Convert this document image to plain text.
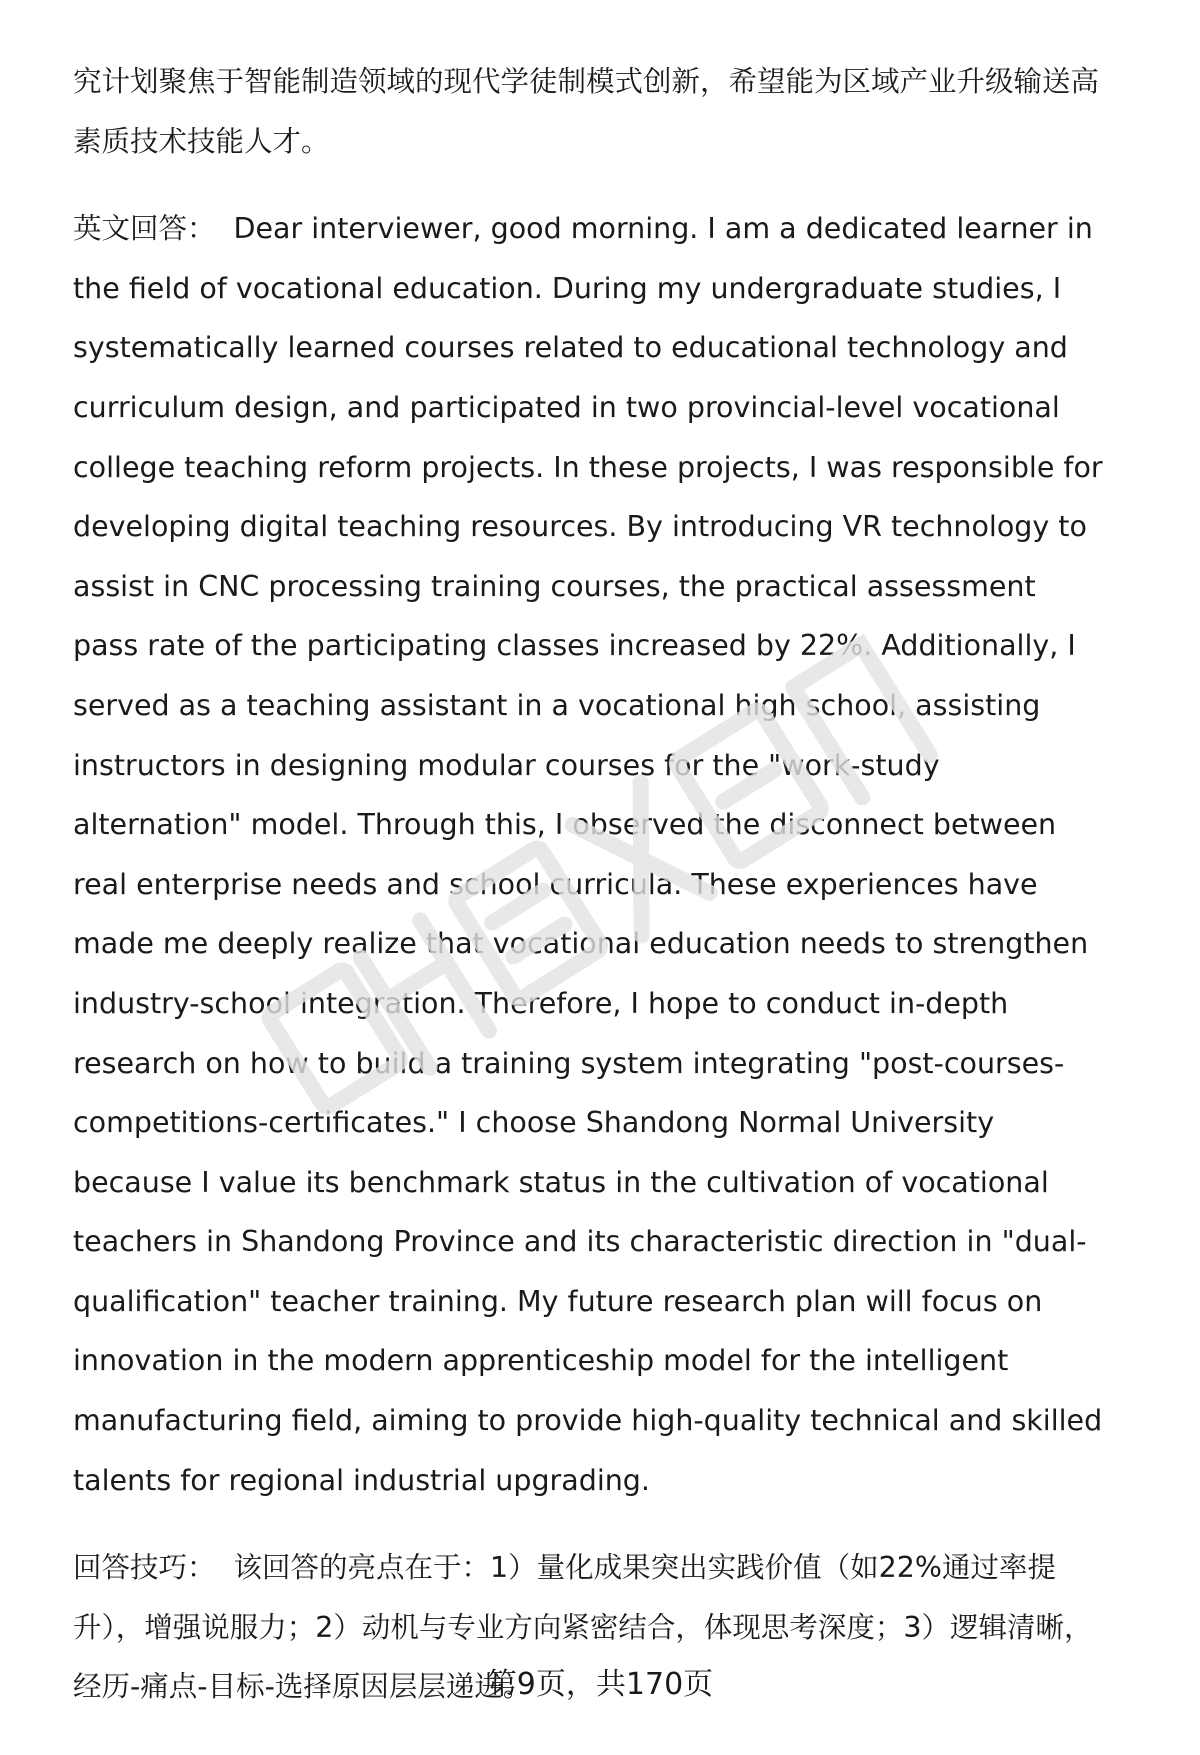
究计划聚焦于智能制造领域的现代学徒制模式创新，希望能为区域产业升级输送高素质技术技能人才。

英文回答： Dear interviewer, good morning. I am a dedicated learner in the field of vocational education. During my undergraduate studies, I systematically learned courses related to educational technology and curriculum design, and participated in two provincial-level vocational college teaching reform projects. In these projects, I was responsible for developing digital teaching resources. By introducing VR technology to assist in CNC processing training courses, the practical assessment pass rate of the participating classes increased by 22%. Additionally, I served as a teaching assistant in a vocational high school, assisting instructors in designing modular courses for the "work-study alternation" model. Through this, I observed the disconnect between real enterprise needs and school curricula. These experiences have made me deeply realize that vocational education needs to strengthen industry-school integration. Therefore, I hope to conduct in-depth research on how to build a training system integrating "post-courses-competitions-certificates." I choose Shandong Normal University because I value its benchmark status in the cultivation of vocational teachers in Shandong Province and its characteristic direction in "dual-qualification" teacher training. My future research plan will focus on innovation in the modern apprenticeship model for the intelligent manufacturing field, aiming to provide high-quality technical and skilled talents for regional industrial upgrading.

回答技巧： 该回答的亮点在于：1）量化成果突出实践价值（如22%通过率提升），增强说服力；2）动机与专业方向紧密结合，体现思考深度；3）逻辑清晰，经历-痛点-目标-选择原因层层递进。

第9页，共170页
